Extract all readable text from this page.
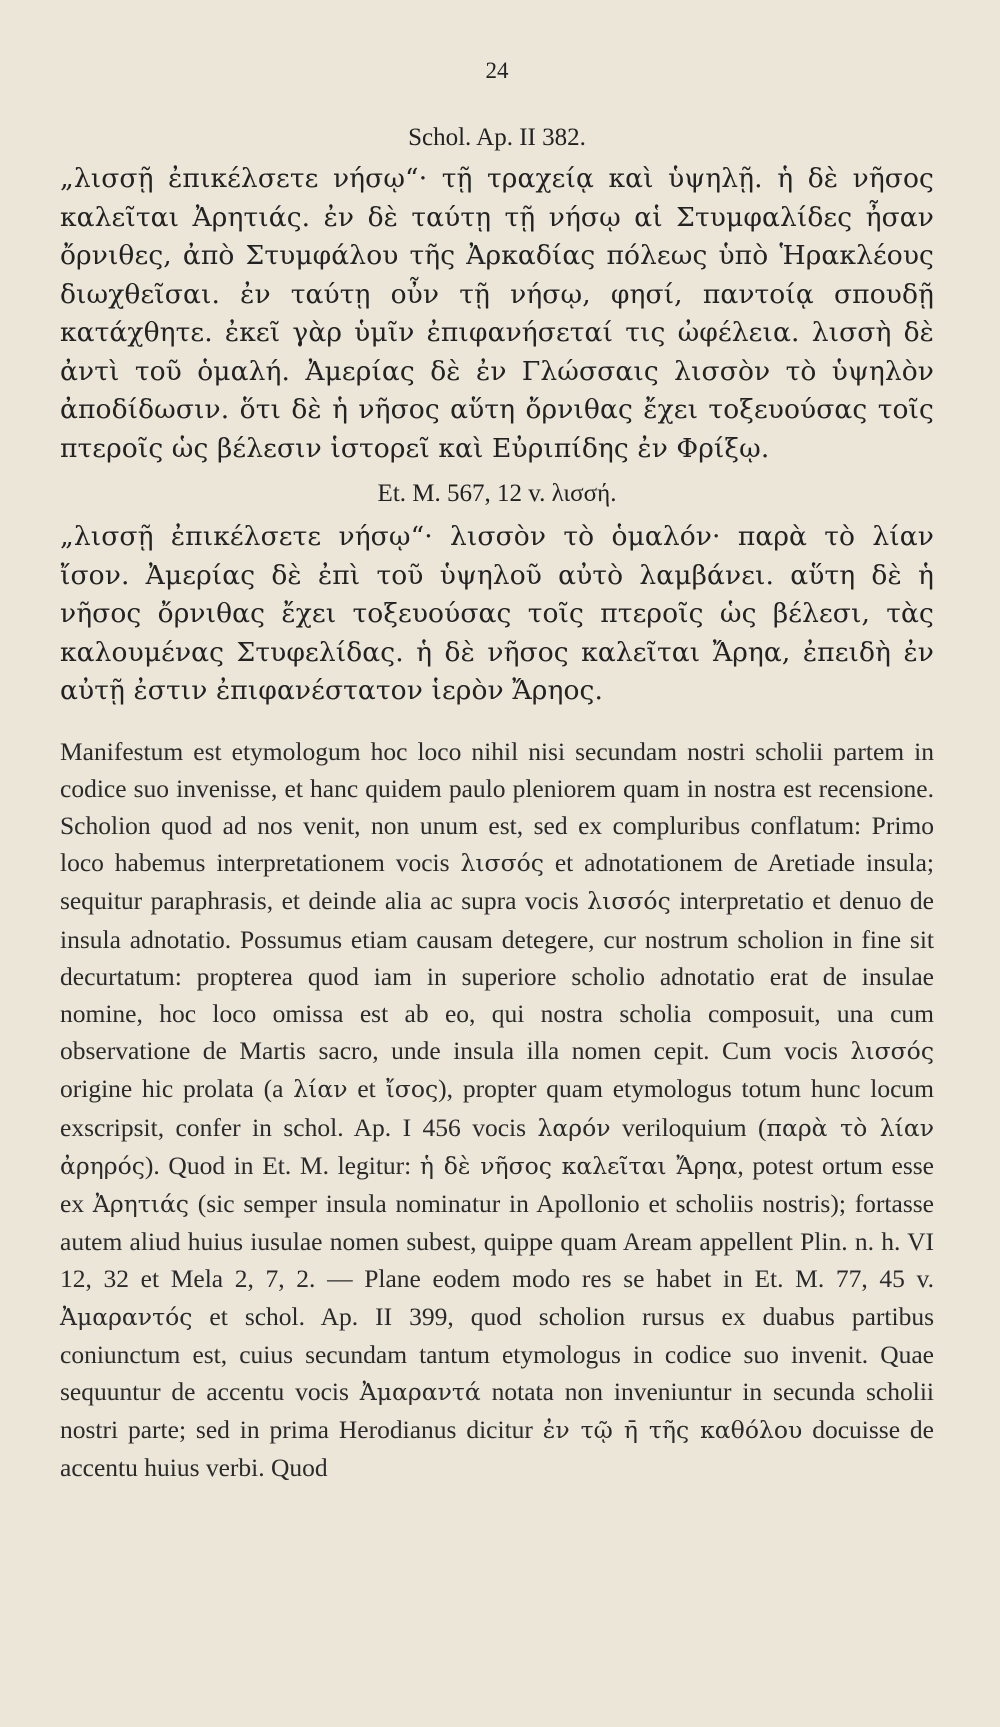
24
Schol. Ap. II 382.

„λισσῇ ἐπικέλσετε νήσῳ“· τῇ τραχείᾳ καὶ ὑψηλῇ. ἡ δὲ νῆσος καλεῖται Ἀρητιάς. ἐν δὲ ταύτῃ τῇ νήσῳ αἱ Στυμφαλίδες ἦσαν ὄρνιθες, ἀπὸ Στυμφάλου τῆς Ἀρκαδίας πόλεως ὑπὸ Ἡρακλέους διωχθεῖσαι. ἐν ταύτῃ οὖν τῇ νήσῳ, φησί, παντοίᾳ σπουδῇ κατάχθητε. ἐκεῖ γὰρ ὑμῖν ἐπιφανήσεταί τις ὠφέλεια. λισσὴ δὲ ἀντὶ τοῦ ὁμαλή. Ἀμερίας δὲ ἐν Γλώσσαις λισσὸν τὸ ὑψηλὸν ἀποδίδωσιν. ὅτι δὲ ἡ νῆσος αὕτη ὄρνιθας ἔχει τοξευούσας τοῖς πτεροῖς ὡς βέλεσιν ἱστορεῖ καὶ Εὐριπίδης ἐν Φρίξῳ.

Et. M. 567, 12 v. λισσή.

„λισσῇ ἐπικέλσετε νήσῳ“· λισσὸν τὸ ὁμαλόν· παρὰ τὸ λίαν ἴσον. Ἀμερίας δὲ ἐπὶ τοῦ ὑψηλοῦ αὐτὸ λαμβάνει. αὕτη δὲ ἡ νῆσος ὄρνιθας ἔχει τοξευούσας τοῖς πτεροῖς ὡς βέλεσι, τὰς καλουμένας Στυφελίδας. ἡ δὲ νῆσος καλεῖται Ἄρηα, ἐπειδὴ ἐν αὐτῇ ἐστιν ἐπιφανέστατον ἱερὸν Ἄρηος.

Manifestum est etymologum hoc loco nihil nisi secundam nostri scholii partem in codice suo invenisse, et hanc quidem paulo pleniorem quam in nostra est recensione. Scholion quod ad nos venit, non unum est, sed ex compluribus conflatum: Primo loco habemus interpretationem vocis λισσός et adnotationem de Aretiade insula; sequitur paraphrasis, et deinde alia ac supra vocis λισσός interpretatio et denuo de insula adnotatio. Possumus etiam causam detegere, cur nostrum scholion in fine sit decurtatum: propterea quod iam in superiore scholio adnotatio erat de insulae nomine, hoc loco omissa est ab eo, qui nostra scholia composuit, una cum observatione de Martis sacro, unde insula illa nomen cepit. Cum vocis λισσός origine hic prolata (a λίαν et ἴσος), propter quam etymologus totum hunc locum exscripsit, confer in schol. Ap. I 456 vocis λαρόν veriloquium (παρὰ τὸ λίαν ἀρηρός). Quod in Et. M. legitur: ἡ δὲ νῆσος καλεῖται Ἄρηα, potest ortum esse ex Ἀρητιάς (sic semper insula nominatur in Apollonio et scholiis nostris); fortasse autem aliud huius iusulae nomen subest, quippe quam Aream appellent Plin. n. h. VI 12, 32 et Mela 2, 7, 2. — Plane eodem modo res se habet in Et. M. 77, 45 v. Ἀμαραντός et schol. Ap. II 399, quod scholion rursus ex duabus partibus coniunctum est, cuius secundam tantum etymologus in codice suo invenit. Quae sequuntur de accentu vocis Ἀμαραντά notata non inveniuntur in secunda scholii nostri parte; sed in prima Herodianus dicitur ἐν τῷ η̄ τῆς καθόλου docuisse de accentu huius verbi. Quod
